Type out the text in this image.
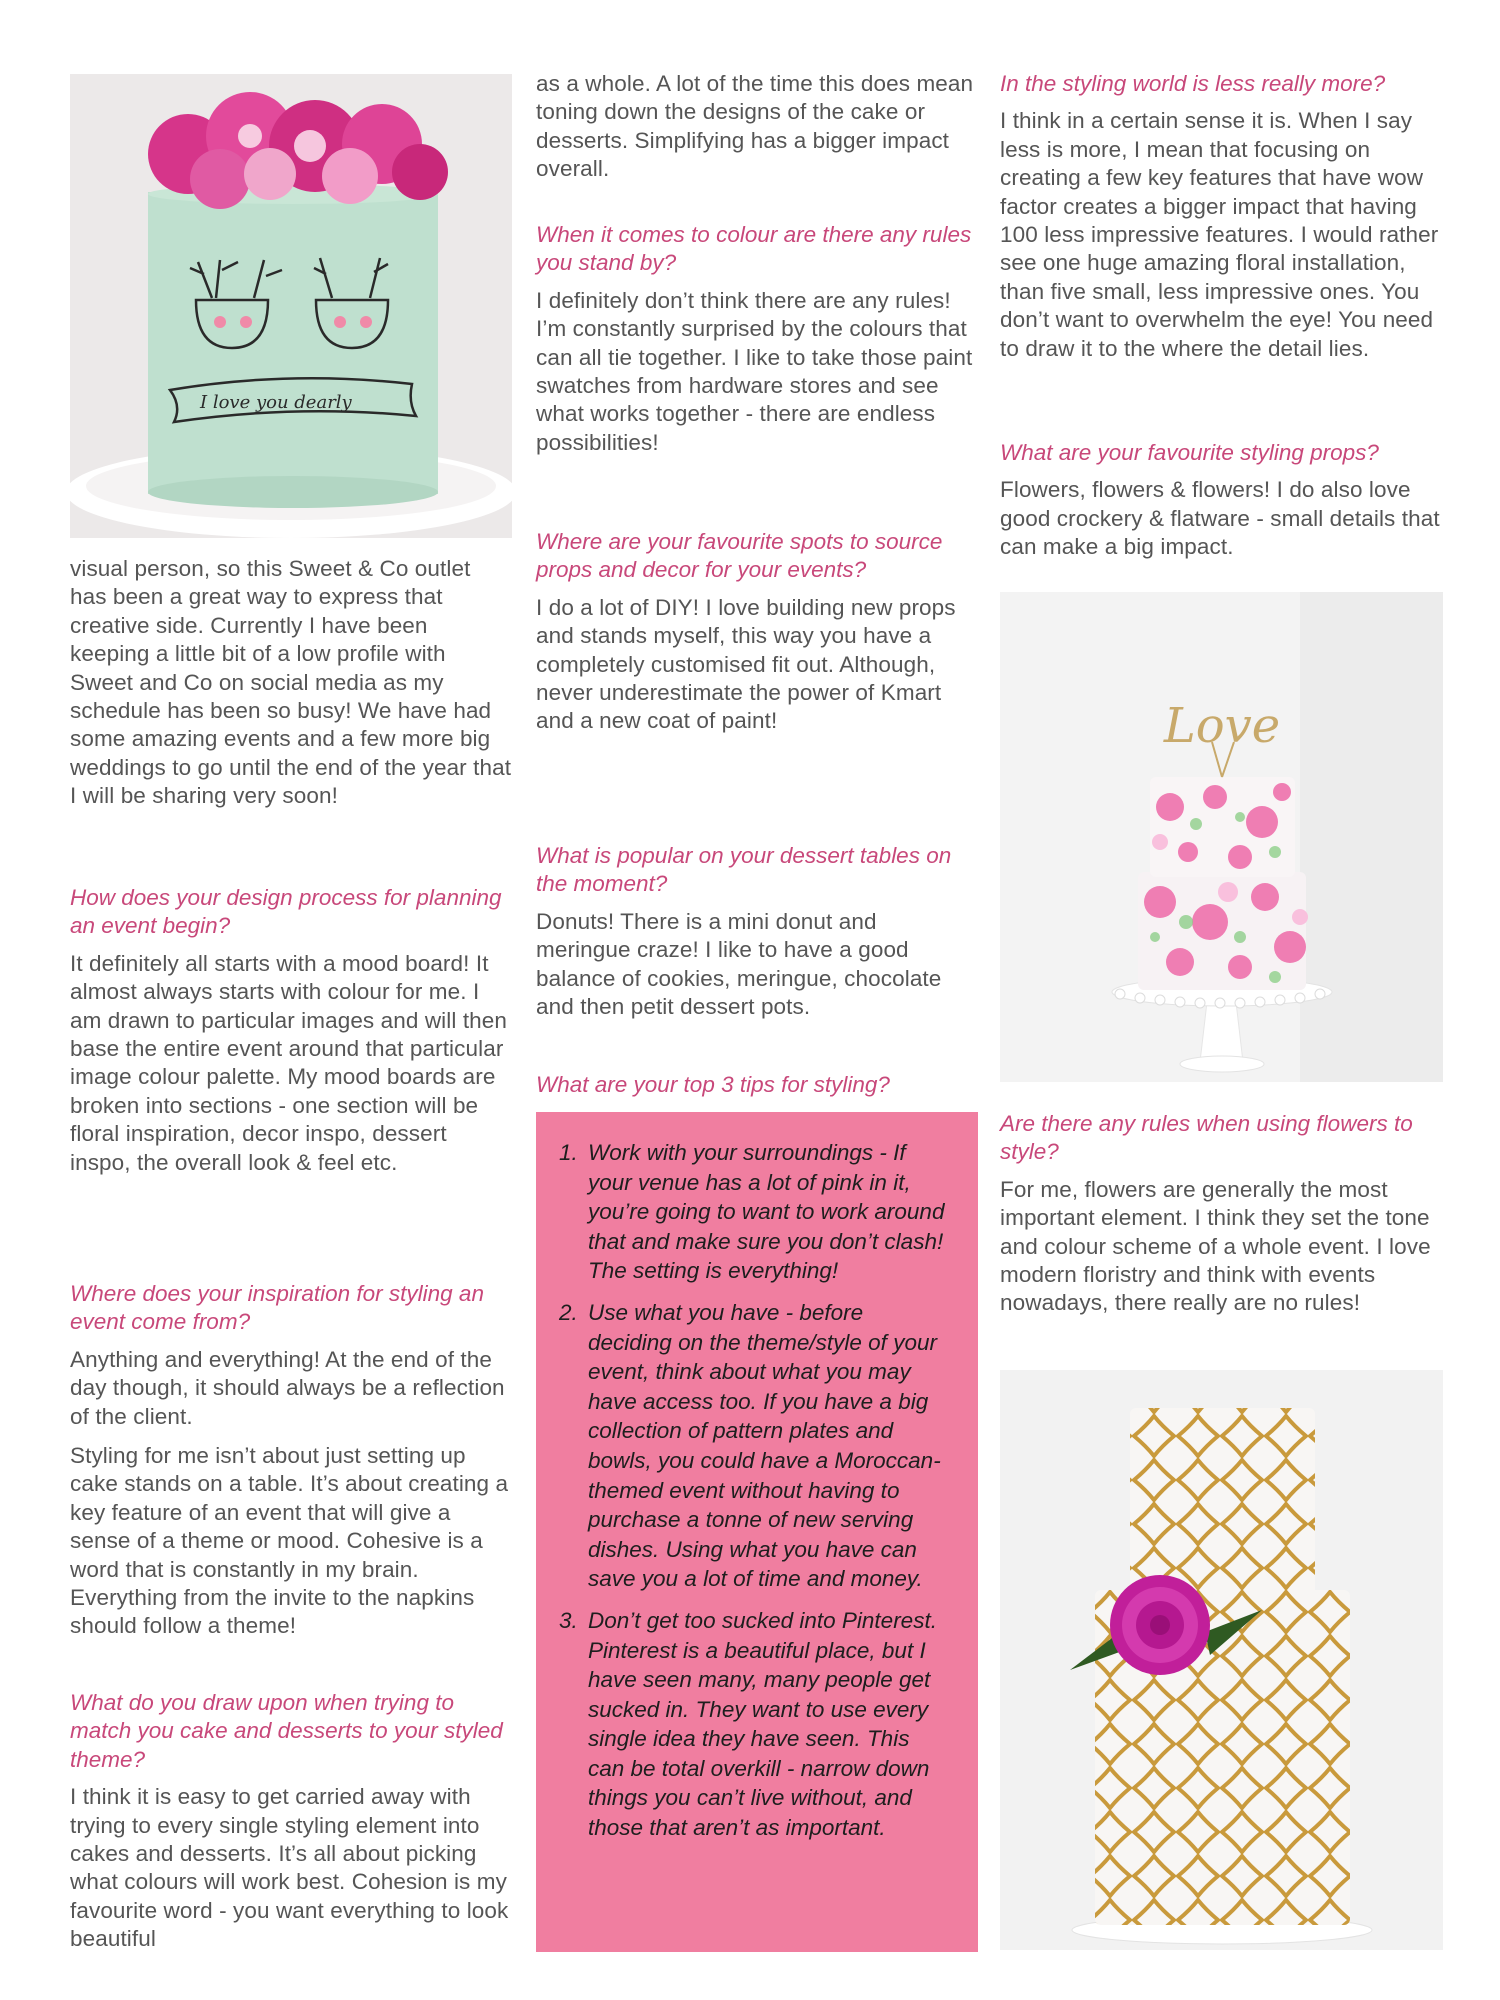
I love you dearly

visual person, so this Sweet & Co outlet has been a great way to express that creative side. Currently I have been keeping a little bit of a low profile with Sweet and Co on social media as my schedule has been so busy! We have had some amazing events and a few more big weddings to go until the end of the year that I will be sharing very soon!

How does your design process for planning an event begin?

It definitely all starts with a mood board! It almost always starts with colour for me. I am drawn to particular images and will then base the entire event around that particular image colour palette. My mood boards are broken into sections - one section will be floral inspiration, decor inspo, dessert inspo, the overall look & feel etc.

Where does your inspiration for styling an event come from?

Anything and everything! At the end of the day though, it should always be a reflection of the client.

Styling for me isn’t about just setting up cake stands on a table. It’s about creating a key feature of an event that will give a sense of a theme or mood. Cohesive is a word that is constantly in my brain. Everything from the invite to the napkins should follow a theme!

What do you draw upon when trying to match you cake and desserts to your styled theme?

I think it is easy to get carried away with trying to every single styling element into cakes and desserts. It’s all about picking what colours will work best. Cohesion is my favourite word - you want everything to look beautiful

as a whole. A lot of the time this does mean toning down the designs of the cake or desserts. Simplifying has a bigger impact overall.

When it comes to colour are there any rules you stand by?

I definitely don’t think there are any rules! I’m constantly surprised by the colours that can all tie together. I like to take those paint swatches from hardware stores and see what works together - there are endless possibilities!

Where are your favourite spots to source props and decor for your events?

I do a lot of DIY! I love building new props and stands myself, this way you have a completely customised fit out. Although, never underestimate the power of Kmart and a new coat of paint!

What is popular on your dessert tables on the moment?

Donuts! There is a mini donut and meringue craze! I like to have a good balance of cookies, meringue, chocolate and then petit dessert pots.

What are your top 3 tips for styling?
1. Work with your surroundings - If your venue has a lot of pink in it, you’re going to want to work around that and make sure you don’t clash! The setting is everything!
2. Use what you have - before deciding on the theme/style of your event, think about what you may have access too. If you have a big collection of pattern plates and bowls, you could have a Moroccan-themed event without having to purchase a tonne of new serving dishes. Using what you have can save you a lot of time and money.
3. Don’t get too sucked into Pinterest. Pinterest is a beautiful place, but I have seen many, many people get sucked in. They want to use every single idea they have seen. This can be total overkill - narrow down things you can’t live without, and those that aren’t as important.
In the styling world is less really more?

I think in a certain sense it is. When I say less is more, I mean that focusing on creating a few key features that have wow factor creates a bigger impact that having 100 less impressive features. I would rather see one huge amazing floral installation, than five small, less impressive ones. You don’t want to overwhelm the eye! You need to draw it to the where the detail lies.

What are your favourite styling props?

Flowers, flowers & flowers! I do also love good crockery & flatware - small details that can make a big impact.

Love
Are there any rules when using flowers to style?

For me, flowers are generally the most important element. I think they set the tone and colour scheme of a whole event. I love modern floristry and think with events nowadays, there really are no rules!
